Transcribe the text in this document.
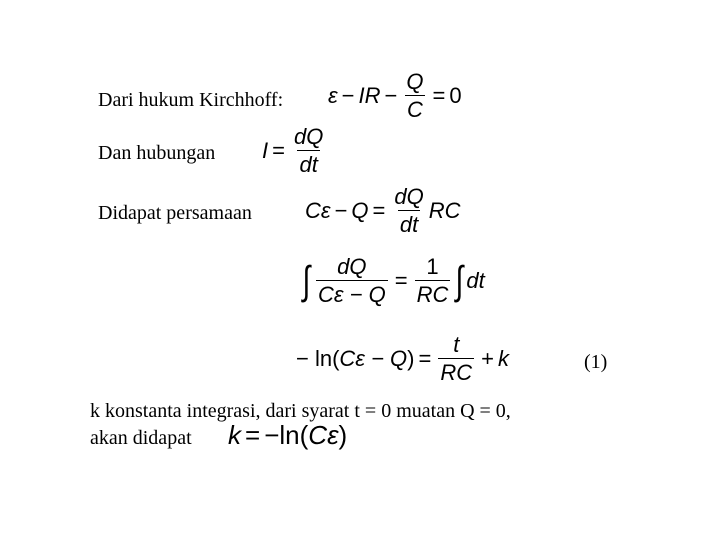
Dari hukum Kirchhoff: ε − IR − $\frac{Q}{C} = 0$
Dan hubungan $I = \frac{dQ}{dt}$
Didapat persamaan $C\varepsilon - Q = \frac{dQ}{dt}$ RC
∫ $\frac{dQ}{C\varepsilon - Q} = \frac{1}{RC}$ ∫ dt
− ln( Cε − Q ) = $\frac{t}{RC} + k$	(1)
k konstanta integrasi, dari syarat t = 0 muatan Q = 0,
akan didapat k = − ln ( Cε )
